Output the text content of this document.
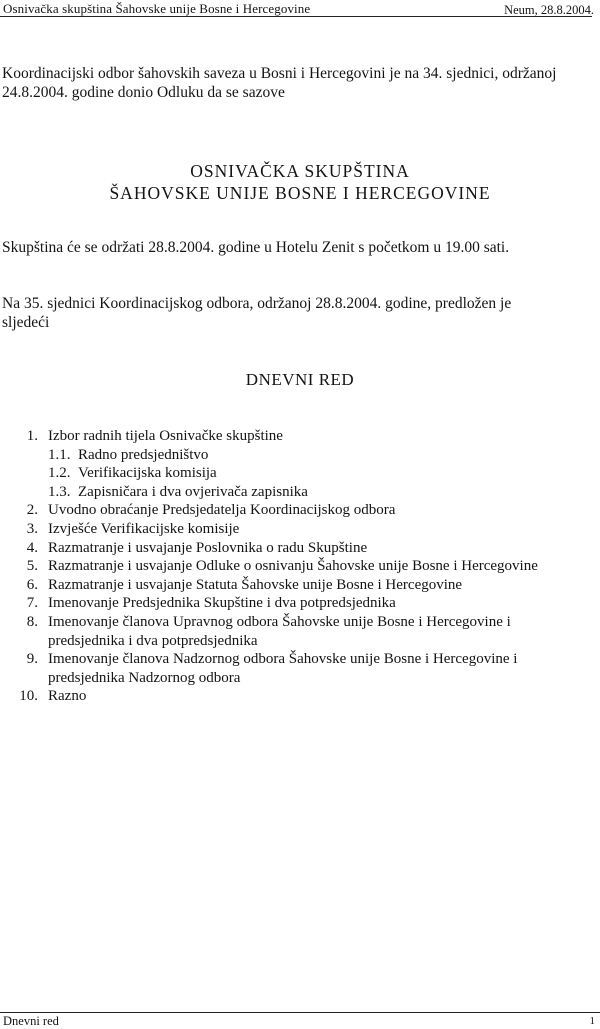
Osnivačka skupština Šahovske unije Bosne i Hercegovine	Neum, 28.8.2004.
Koordinacijski odbor šahovskih saveza u Bosni i Hercegovini je na 34. sjednici, održanoj
24.8.2004. godine donio Odluku da se sazove
OSNIVAČKA SKUPŠTINA
ŠAHOVSKE UNIJE BOSNE I HERCEGOVINE
Skupština će se održati 28.8.2004. godine u Hotelu Zenit s početkom u 19.00 sati.
Na 35. sjednici Koordinacijskog odbora, održanoj 28.8.2004. godine, predložen je
sljedeći
DNEVNI RED
1. Izbor radnih tijela Osnivačke skupštine
1.1. Radno predsjedništvo
1.2. Verifikacijska komisija
1.3. Zapisničara i dva ovjerivača zapisnika
2. Uvodno obraćanje Predsjedatelja Koordinacijskog odbora
3. Izvješće Verifikacijske komisije
4. Razmatranje i usvajanje Poslovnika o radu Skupštine
5. Razmatranje i usvajanje Odluke o osnivanju Šahovske unije Bosne i Hercegovine
6. Razmatranje i usvajanje Statuta Šahovske unije Bosne i Hercegovine
7. Imenovanje Predsjednika Skupštine i dva potpredsjednika
8. Imenovanje članova Upravnog odbora Šahovske unije Bosne i Hercegovine i
predsjednika i dva potpredsjednika
9. Imenovanje članova Nadzornog odbora Šahovske unije Bosne i Hercegovine i
predsjednika Nadzornog odbora
10. Razno
Dnevni red	1
